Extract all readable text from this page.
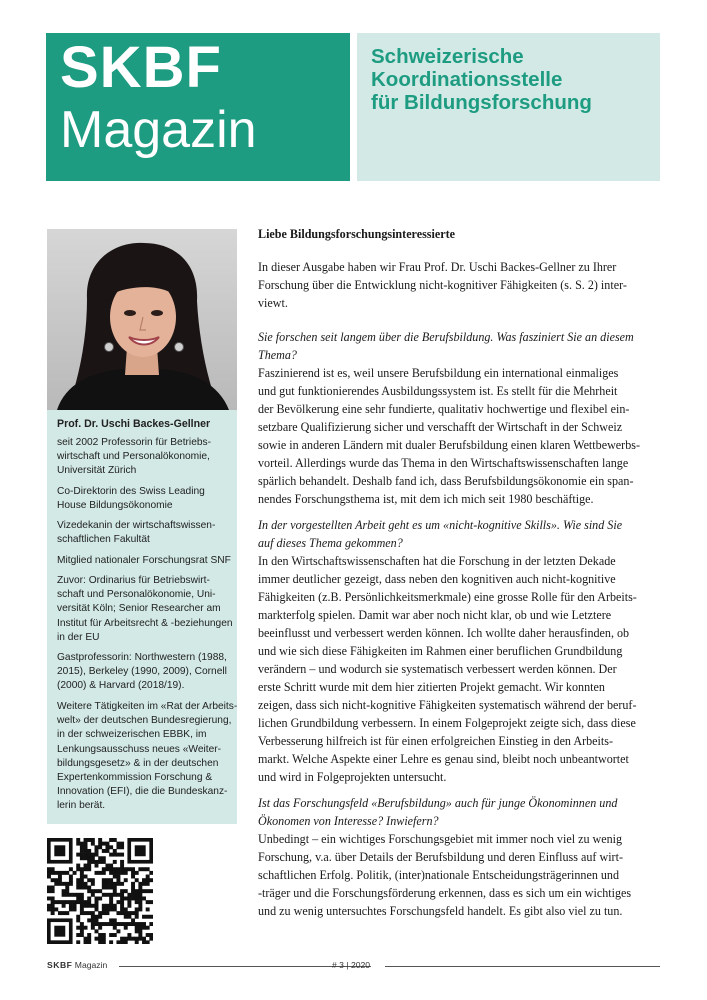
SKBF
Magazin
Schweizerische
Koordinationsstelle
für Bildungsforschung
Prof. Dr. Uschi Backes-Gellner
seit 2002 Professorin für Betriebs-
wirtschaft und Personalökonomie,
Universität Zürich
Co-Direktorin des Swiss Leading
House Bildungsökonomie
Vizedekanin der wirtschaftswissen-
schaftlichen Fakultät
Mitglied nationaler Forschungsrat SNF
Zuvor: Ordinarius für Betriebswirt-
schaft und Personalökonomie, Uni-
versität Köln; Senior Researcher am
Institut für Arbeitsrecht & -beziehungen
in der EU
Gastprofessorin: Northwestern (1988,
2015), Berkeley (1990, 2009), Cornell
(2000) & Harvard (2018/19).
Weitere Tätigkeiten im «Rat der Arbeits-
welt» der deutschen Bundesregierung,
in der schweizerischen EBBK, im
Lenkungsausschuss neues «Weiter-
bildungsgesetz» & in der deutschen
Expertenkommission Forschung &
Innovation (EFI), die die Bundeskanz-
lerin berät.
Liebe Bildungsforschungsinteressierte
In dieser Ausgabe haben wir Frau Prof. Dr. Uschi Backes-Gellner zu Ihrer
Forschung über die Entwicklung nicht-kognitiver Fähigkeiten (s. S. 2) inter-
viewt.
Sie forschen seit langem über die Berufsbildung. Was fasziniert Sie an diesem
Thema?
Faszinierend ist es, weil unsere Berufsbildung ein international einmaliges
und gut funktionierendes Ausbildungssystem ist. Es stellt für die Mehrheit
der Bevölkerung eine sehr fundierte, qualitativ hochwertige und flexibel ein-
setzbare Qualifizierung sicher und verschafft der Wirtschaft in der Schweiz
sowie in anderen Ländern mit dualer Berufsbildung einen klaren Wettbewerbs-
vorteil. Allerdings wurde das Thema in den Wirtschaftswissenschaften lange
spärlich behandelt. Deshalb fand ich, dass Berufsbildungsökonomie ein span-
nendes Forschungsthema ist, mit dem ich mich seit 1980 beschäftige.
In der vorgestellten Arbeit geht es um «nicht-kognitive Skills». Wie sind Sie
auf dieses Thema gekommen?
In den Wirtschaftswissenschaften hat die Forschung in der letzten Dekade
immer deutlicher gezeigt, dass neben den kognitiven auch nicht-kognitive
Fähigkeiten (z.B. Persönlichkeitsmerkmale) eine grosse Rolle für den Arbeits-
markterfolg spielen. Damit war aber noch nicht klar, ob und wie Letztere
beeinflusst und verbessert werden können. Ich wollte daher herausfinden, ob
und wie sich diese Fähigkeiten im Rahmen einer beruflichen Grundbildung
verändern – und wodurch sie systematisch verbessert werden können. Der
erste Schritt wurde mit dem hier zitierten Projekt gemacht. Wir konnten
zeigen, dass sich nicht-kognitive Fähigkeiten systematisch während der beruf-
lichen Grundbildung verbessern. In einem Folgeprojekt zeigte sich, dass diese
Verbesserung hilfreich ist für einen erfolgreichen Einstieg in den Arbeits-
markt. Welche Aspekte einer Lehre es genau sind, bleibt noch unbeantwortet
und wird in Folgeprojekten untersucht.
Ist das Forschungsfeld «Berufsbildung» auch für junge Ökonominnen und
Ökonomen von Interesse? Inwiefern?
Unbedingt – ein wichtiges Forschungsgebiet mit immer noch viel zu wenig
Forschung, v.a. über Details der Berufsbildung und deren Einfluss auf wirt-
schaftlichen Erfolg. Politik, (inter)nationale Entscheidungsträgerinnen und
-träger und die Forschungsförderung erkennen, dass es sich um ein wichtiges
und zu wenig untersuchtes Forschungsfeld handelt. Es gibt also viel zu tun.
SKBF Magazin	# 3 | 2020
